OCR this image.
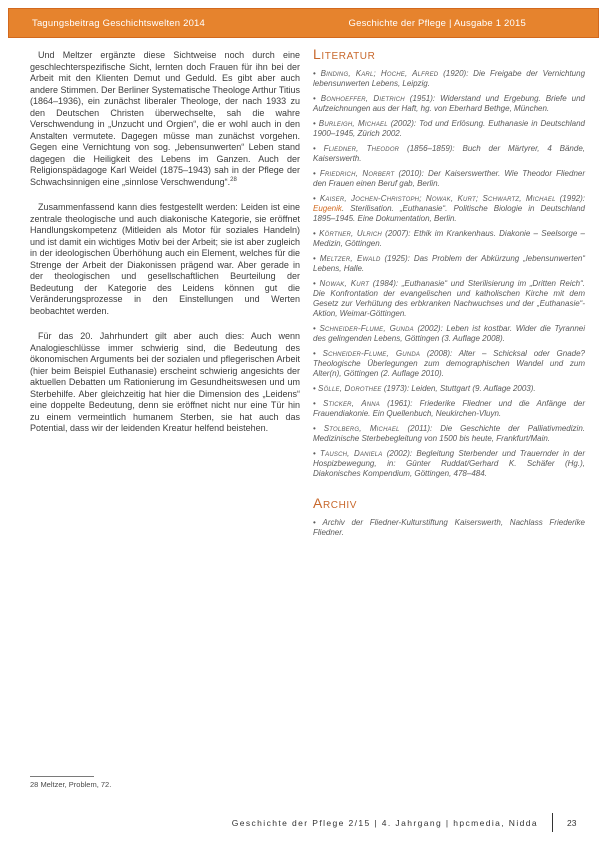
Tagungsbeitrag Geschichtswelten 2014	Geschichte der Pflege | Ausgabe 1 2015

Und Meltzer ergänzte diese Sichtweise noch durch eine geschlechterspezifische Sicht, lernten doch Frauen für ihn bei der Arbeit mit den Klienten Demut und Geduld. Es gibt aber auch andere Stimmen. Der Berliner Systematische Theologe Arthur Titius (1864–1936), ein zunächst liberaler Theologe, der nach 1933 zu den Deutschen Christen überwechselte, sah die wahre Verschwendung in „Unzucht und Orgien“, die er wohl auch in den Anstalten vermutete. Dagegen müsse man zunächst vorgehen. Gegen eine Vernichtung von sog. „lebensunwerten“ Leben stand dagegen die Heiligkeit des Lebens im Ganzen. Auch der Religionspädagoge Karl Weidel (1875–1943) sah in der Pflege der Schwachsinnigen eine „sinnlose Verschwendung“.$^{28}$

Zusammenfassend kann dies festgestellt werden: Leiden ist eine zentrale theologische und auch diakonische Kategorie, sie eröffnet Handlungskompetenz (Mitleiden als Motor für soziales Handeln) und ist damit ein wichtiges Motiv bei der Arbeit; sie ist aber zugleich in der ideologischen Überhöhung auch ein Element, welches für die Strenge der Arbeit der Diakonissen prägend war. Aber gerade in der theologischen und gesellschaftlichen Beurteilung der Bedeutung der Kategorie des Leidens können gut die Veränderungsprozesse in den Einstellungen und Werten beobachtet werden.

Für das 20. Jahrhundert gilt aber auch dies: Auch wenn Analogieschlüsse immer schwierig sind, die Bedeutung des ökonomischen Arguments bei der sozialen und pflegerischen Arbeit (hier beim Beispiel Euthanasie) erscheint schwierig angesichts der aktuellen Debatten um Rationierung im Gesundheitswesen und um Sterbehilfe. Aber gleichzeitig hat hier die Dimension des „Leidens“ eine doppelte Bedeutung, denn sie eröffnet nicht nur eine Tür hin zu einem vermeintlich humanem Sterben, sie hat auch das Potential, dass wir der leidenden Kreatur helfend beistehen.

Literatur
• Binding, Karl; Hoche, Alfred (1920): Die Freigabe der Vernichtung lebensunwerten Lebens, Leipzig.
• Bonhoeffer, Dietrich (1951): Widerstand und Ergebung. Briefe und Aufzeichnungen aus der Haft, hg. von Eberhard Bethge, München.
• Burleigh, Michael (2002): Tod und Erlösung. Euthanasie in Deutschland 1900–1945, Zürich 2002.
• Fliedner, Theodor (1856–1859): Buch der Märtyrer, 4 Bände, Kaiserswerth.
• Friedrich, Norbert (2010): Der Kaiserswerther. Wie Theodor Fliedner den Frauen einen Beruf gab, Berlin.
• Kaiser, Jochen-Christoph; Nowak, Kurt; Schwartz, Michael (1992): Eugenik. Sterilisation. „Euthanasie“. Politische Biologie in Deutschland 1895–1945. Eine Dokumentation, Berlin.
• Körtner, Ulrich (2007): Ethik im Krankenhaus. Diakonie – Seelsorge – Medizin, Göttingen.
• Meltzer, Ewald (1925): Das Problem der Abkürzung „lebensunwerten“ Lebens, Halle.
• Nowak, Kurt (1984): „Euthanasie“ und Sterilisierung im „Dritten Reich“. Die Konfrontation der evangelischen und katholischen Kirche mit dem Gesetz zur Verhütung des erbkranken Nachwuchses und der „Euthanasie“-Aktion, Weimar-Göttingen.
• Schneider-Flume, Gunda (2002): Leben ist kostbar. Wider die Tyrannei des gelingenden Lebens, Göttingen (3. Auflage 2008).
• Schneider-Flume, Gunda (2008): Alter – Schicksal oder Gnade? Theologische Überlegungen zum demographischen Wandel und zum Alter(n), Göttingen (2. Auflage 2010).
• Sölle, Dorothee (1973): Leiden, Stuttgart (9. Auflage 2003).
• Sticker, Anna (1961): Friederike Fliedner und die Anfänge der Frauendiakonie. Ein Quellenbuch, Neukirchen-Vluyn.
• Stolberg, Michael (2011): Die Geschichte der Palliativmedizin. Medizinische Sterbebegleitung von 1500 bis heute, Frankfurt/Main.
• Tausch, Daniela (2002): Begleitung Sterbender und Trauernder in der Hospizbewegung, in: Günter Ruddat/Gerhard K. Schäfer (Hg.), Diakonisches Kompendium, Göttingen, 478–484.
Archiv
• Archiv der Fliedner-Kulturstiftung Kaiserswerth, Nachlass Friederike Fliedner.
28 Meltzer, Problem, 72.
Geschichte der Pflege 2/15 | 4. Jahrgang | hpcmedia, Nidda	23
